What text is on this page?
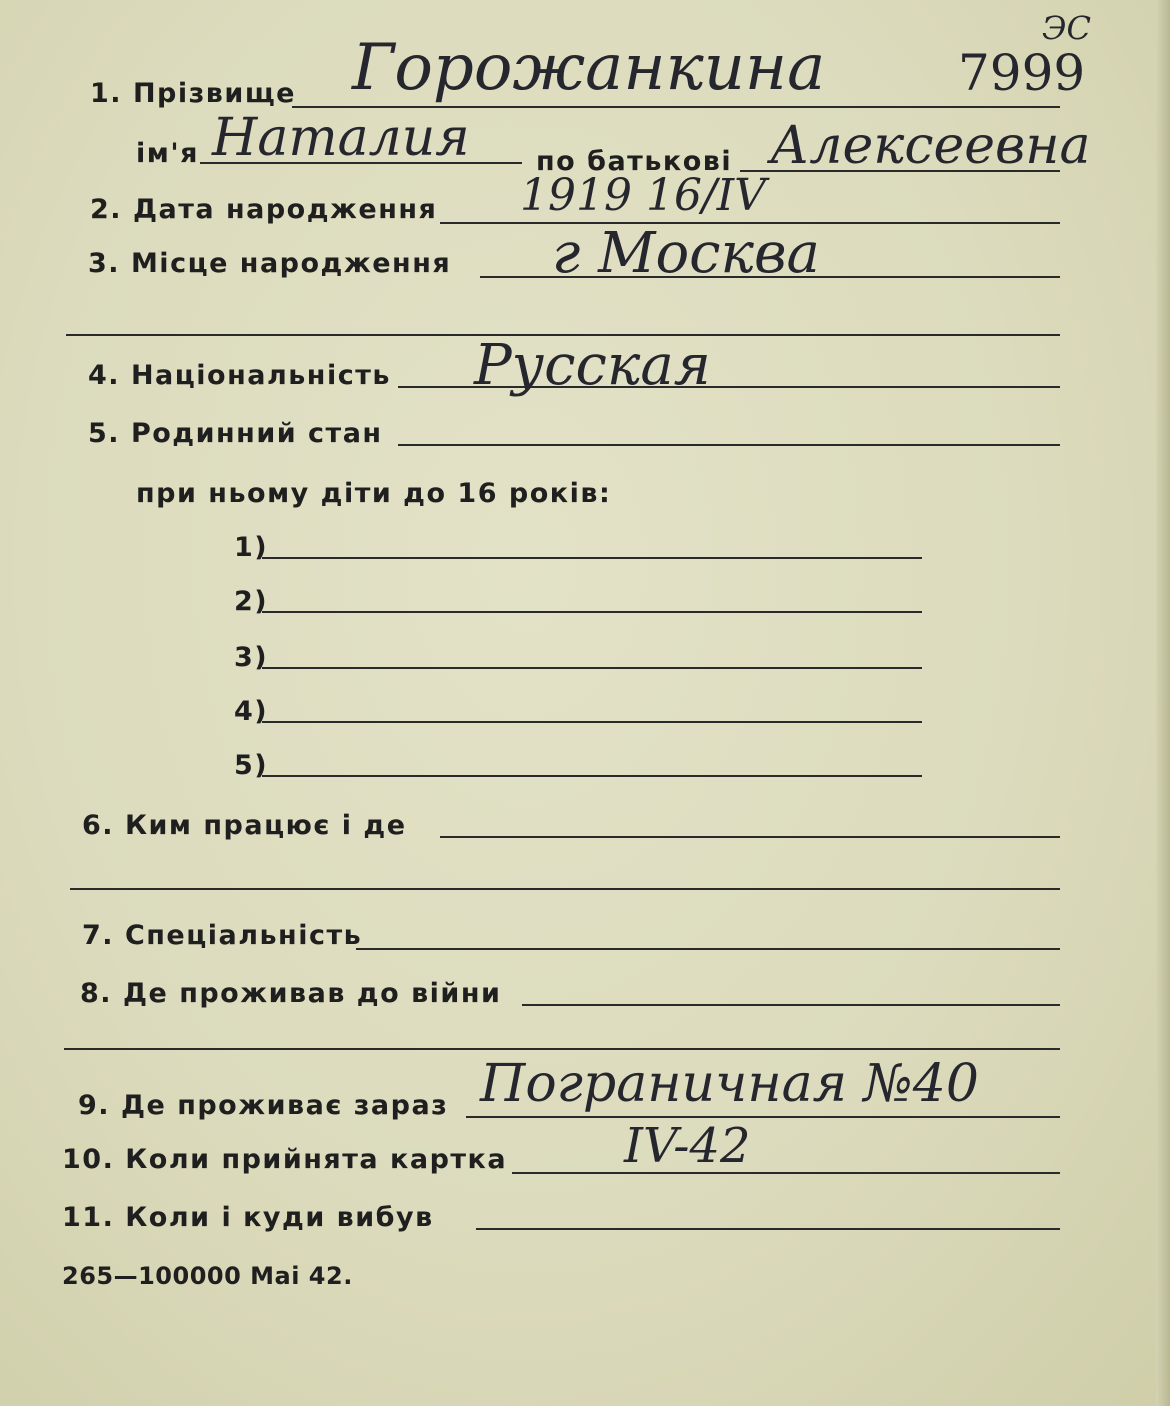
1. Прізвище Горожанкина	7999
ЭС
ім'я Наталия по батькові Алексеевна
2. Дата народження 1919 16/IV
3. Місце народження г Москва
4. Національність Русская
5. Родинний стан
при ньому діти до 16 років:
1)
2)
3)
4)
5)
6. Ким працює і де
7. Спеціальність
8. Де проживав до війни
9. Де проживає зараз Пограничная №40
10. Коли прийнята картка IV-42
11. Коли і куди вибув
265—100000 Mai 42.
